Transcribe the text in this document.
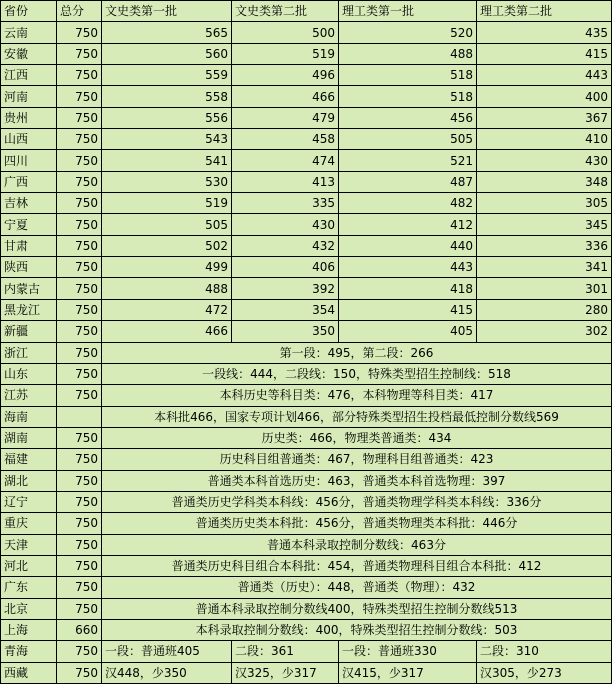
省份	总分	文史类第一批	文史类第二批	理工类第一批	理工类第二批
云南	750	565	500	520	435
安徽	750	560	519	488	415
江西	750	559	496	518	443
河南	750	558	466	518	400
贵州	750	556	479	456	367
山西	750	543	458	505	410
四川	750	541	474	521	430
广西	750	530	413	487	348
吉林	750	519	335	482	305
宁夏	750	505	430	412	345
甘肃	750	502	432	440	336
陕西	750	499	406	443	341
内蒙古	750	488	392	418	301
黑龙江	750	472	354	415	280
新疆	750	466	350	405	302
浙江	750	第一段：495，第二段：266			
山东	750	一段线：444，二段线：150，特殊类型招生控制线：518			
江苏	750	本科历史等科目类：476，本科物理等科目类：417			
海南		本科批466，国家专项计划466，部分特殊类型招生投档最低控制分数线569			
湖南	750	历史类：466，物理类普通类：434			
福建	750	历史科目组普通类：467，物理科目组普通类：423			
湖北	750	普通类本科首选历史：463，普通类本科首选物理：397			
辽宁	750	普通类历史学科类本科线：456分，普通类物理学科类本科线：336分			
重庆	750	普通类历史类本科批：456分，普通类物理类本科批：446分			
天津	750	普通本科录取控制分数线：463分			
河北	750	普通类历史科目组合本科批：454，普通类物理科目组合本科批：412			
广东	750	普通类（历史）：448，普通类（物理）：432			
北京	750	普通本科录取控制分数线400，特殊类型招生控制分数线513			
上海	660	本科录取控制分数线：400，特殊类型招生控制分数线：503			
青海	750	一段：普通班405	二段：361	一段：普通班330	二段：310
西藏	750	汉448，少350	汉325，少317	汉415，少317	汉305，少273
